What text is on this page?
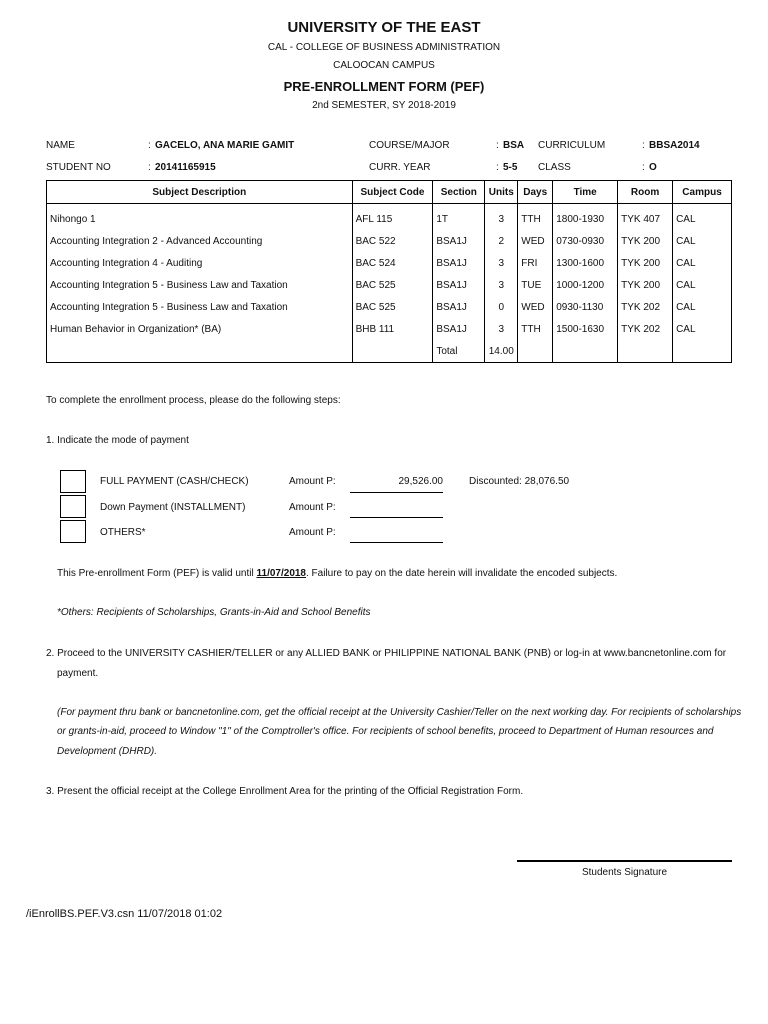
UNIVERSITY OF THE EAST
CAL - COLLEGE OF BUSINESS ADMINISTRATION
CALOOCAN CAMPUS
PRE-ENROLLMENT FORM (PEF)
2nd SEMESTER, SY 2018-2019
NAME	: GACELO, ANA MARIE GAMIT
STUDENT NO	: 20141165915
COURSE/MAJOR	: BSA
CURR. YEAR	: 5-5
CURRICULUM	: BBSA2014
CLASS	: O
Subject Description	Subject Code	Section	Units	Days	Time	Room	Campus

Nihongo 1	AFL 115	1T	3	TTH	1800-1930	TYK 407	CAL
Accounting Integration 2 - Advanced Accounting	BAC 522	BSA1J	2	WED	0730-0930	TYK 200	CAL
Accounting Integration 4 - Auditing	BAC 524	BSA1J	3	FRI	1300-1600	TYK 200	CAL
Accounting Integration 5 - Business Law and Taxation	BAC 525	BSA1J	3	TUE	1000-1200	TYK 200	CAL
Accounting Integration 5 - Business Law and Taxation	BAC 525	BSA1J	0	WED	0930-1130	TYK 202	CAL
Human Behavior in Organization* (BA)	BHB 111	BSA1J	3	TTH	1500-1630	TYK 202	CAL
		Total	14.00				
To complete the enrollment process, please do the following steps:
1. Indicate the mode of payment
FULL PAYMENT (CASH/CHECK)	Amount P:	29,526.00	Discounted: 28,076.50
Down Payment (INSTALLMENT)	Amount P:
OTHERS*	Amount P:
This Pre-enrollment Form (PEF) is valid until 11/07/2018. Failure to pay on the date herein will invalidate the encoded subjects.
*Others: Recipients of Scholarships, Grants-in-Aid and School Benefits
2. Proceed to the UNIVERSITY CASHIER/TELLER or any ALLIED BANK or PHILIPPINE NATIONAL BANK (PNB) or log-in at www.bancnetonline.com for
payment.
(For payment thru bank or bancnetonline.com, get the official receipt at the University Cashier/Teller on the next working day. For recipients of scholarships
or grants-in-aid, proceed to Window "1" of the Comptroller's office. For recipients of school benefits, proceed to Department of Human resources and
Development (DHRD).
3. Present the official receipt at the College Enrollment Area for the printing of the Official Registration Form.
Students Signature
/iEnrollBS.PEF.V3.csn 11/07/2018 01:02
